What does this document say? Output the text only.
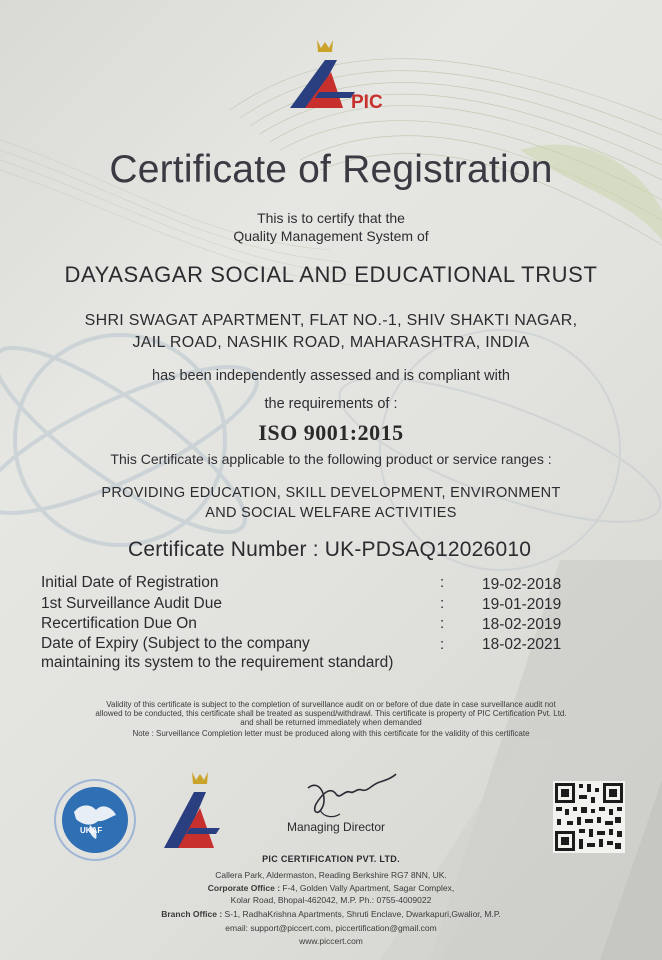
PIC
Certificate of Registration
This is to certify that the
Quality Management System of
DAYASAGAR SOCIAL AND EDUCATIONAL TRUST
SHRI SWAGAT APARTMENT, FLAT NO.-1, SHIV SHAKTI NAGAR,
JAIL ROAD, NASHIK ROAD, MAHARASHTRA, INDIA
has been independently assessed and is compliant with
the requirements of :
ISO 9001:2015
This Certificate is applicable to the following product or service ranges :
PROVIDING EDUCATION, SKILL DEVELOPMENT, ENVIRONMENT
AND SOCIAL WELFARE ACTIVITIES
Certificate Number : UK-PDSAQ12026010
Initial Date of Registration	: 19-02-2018
1st Surveillance Audit Due	: 19-01-2019
Recertification Due On	: 18-02-2019
Date of Expiry (Subject to the company
maintaining its system to the requirement standard)
: 18-02-2021
Validity of this certificate is subject to the completion of surveillance audit on or before of due date in case surveillance audit not
allowed to be conducted, this certificate shall be treated as suspend/withdrawl. This certificate is property of PIC Certification Pvt. Ltd.
and shall be returned immediately when demanded
Note : Surveillance Completion letter must be produced along with this certificate for the validity of this certificate
UKAF	Managing Director
PIC CERTIFICATION PVT. LTD.
Callera Park, Aldermaston, Reading Berkshire RG7 8NN, UK.
Corporate Office : F-4, Golden Vally Apartment, Sagar Complex,
Kolar Road, Bhopal-462042, M.P. Ph.: 0755-4009022
Branch Office : S-1, RadhaKrishna Apartments, Shruti Enclave, Dwarkapuri,Gwalior, M.P.
email: support@piccert.com, piccertification@gmail.com
www.piccert.com
